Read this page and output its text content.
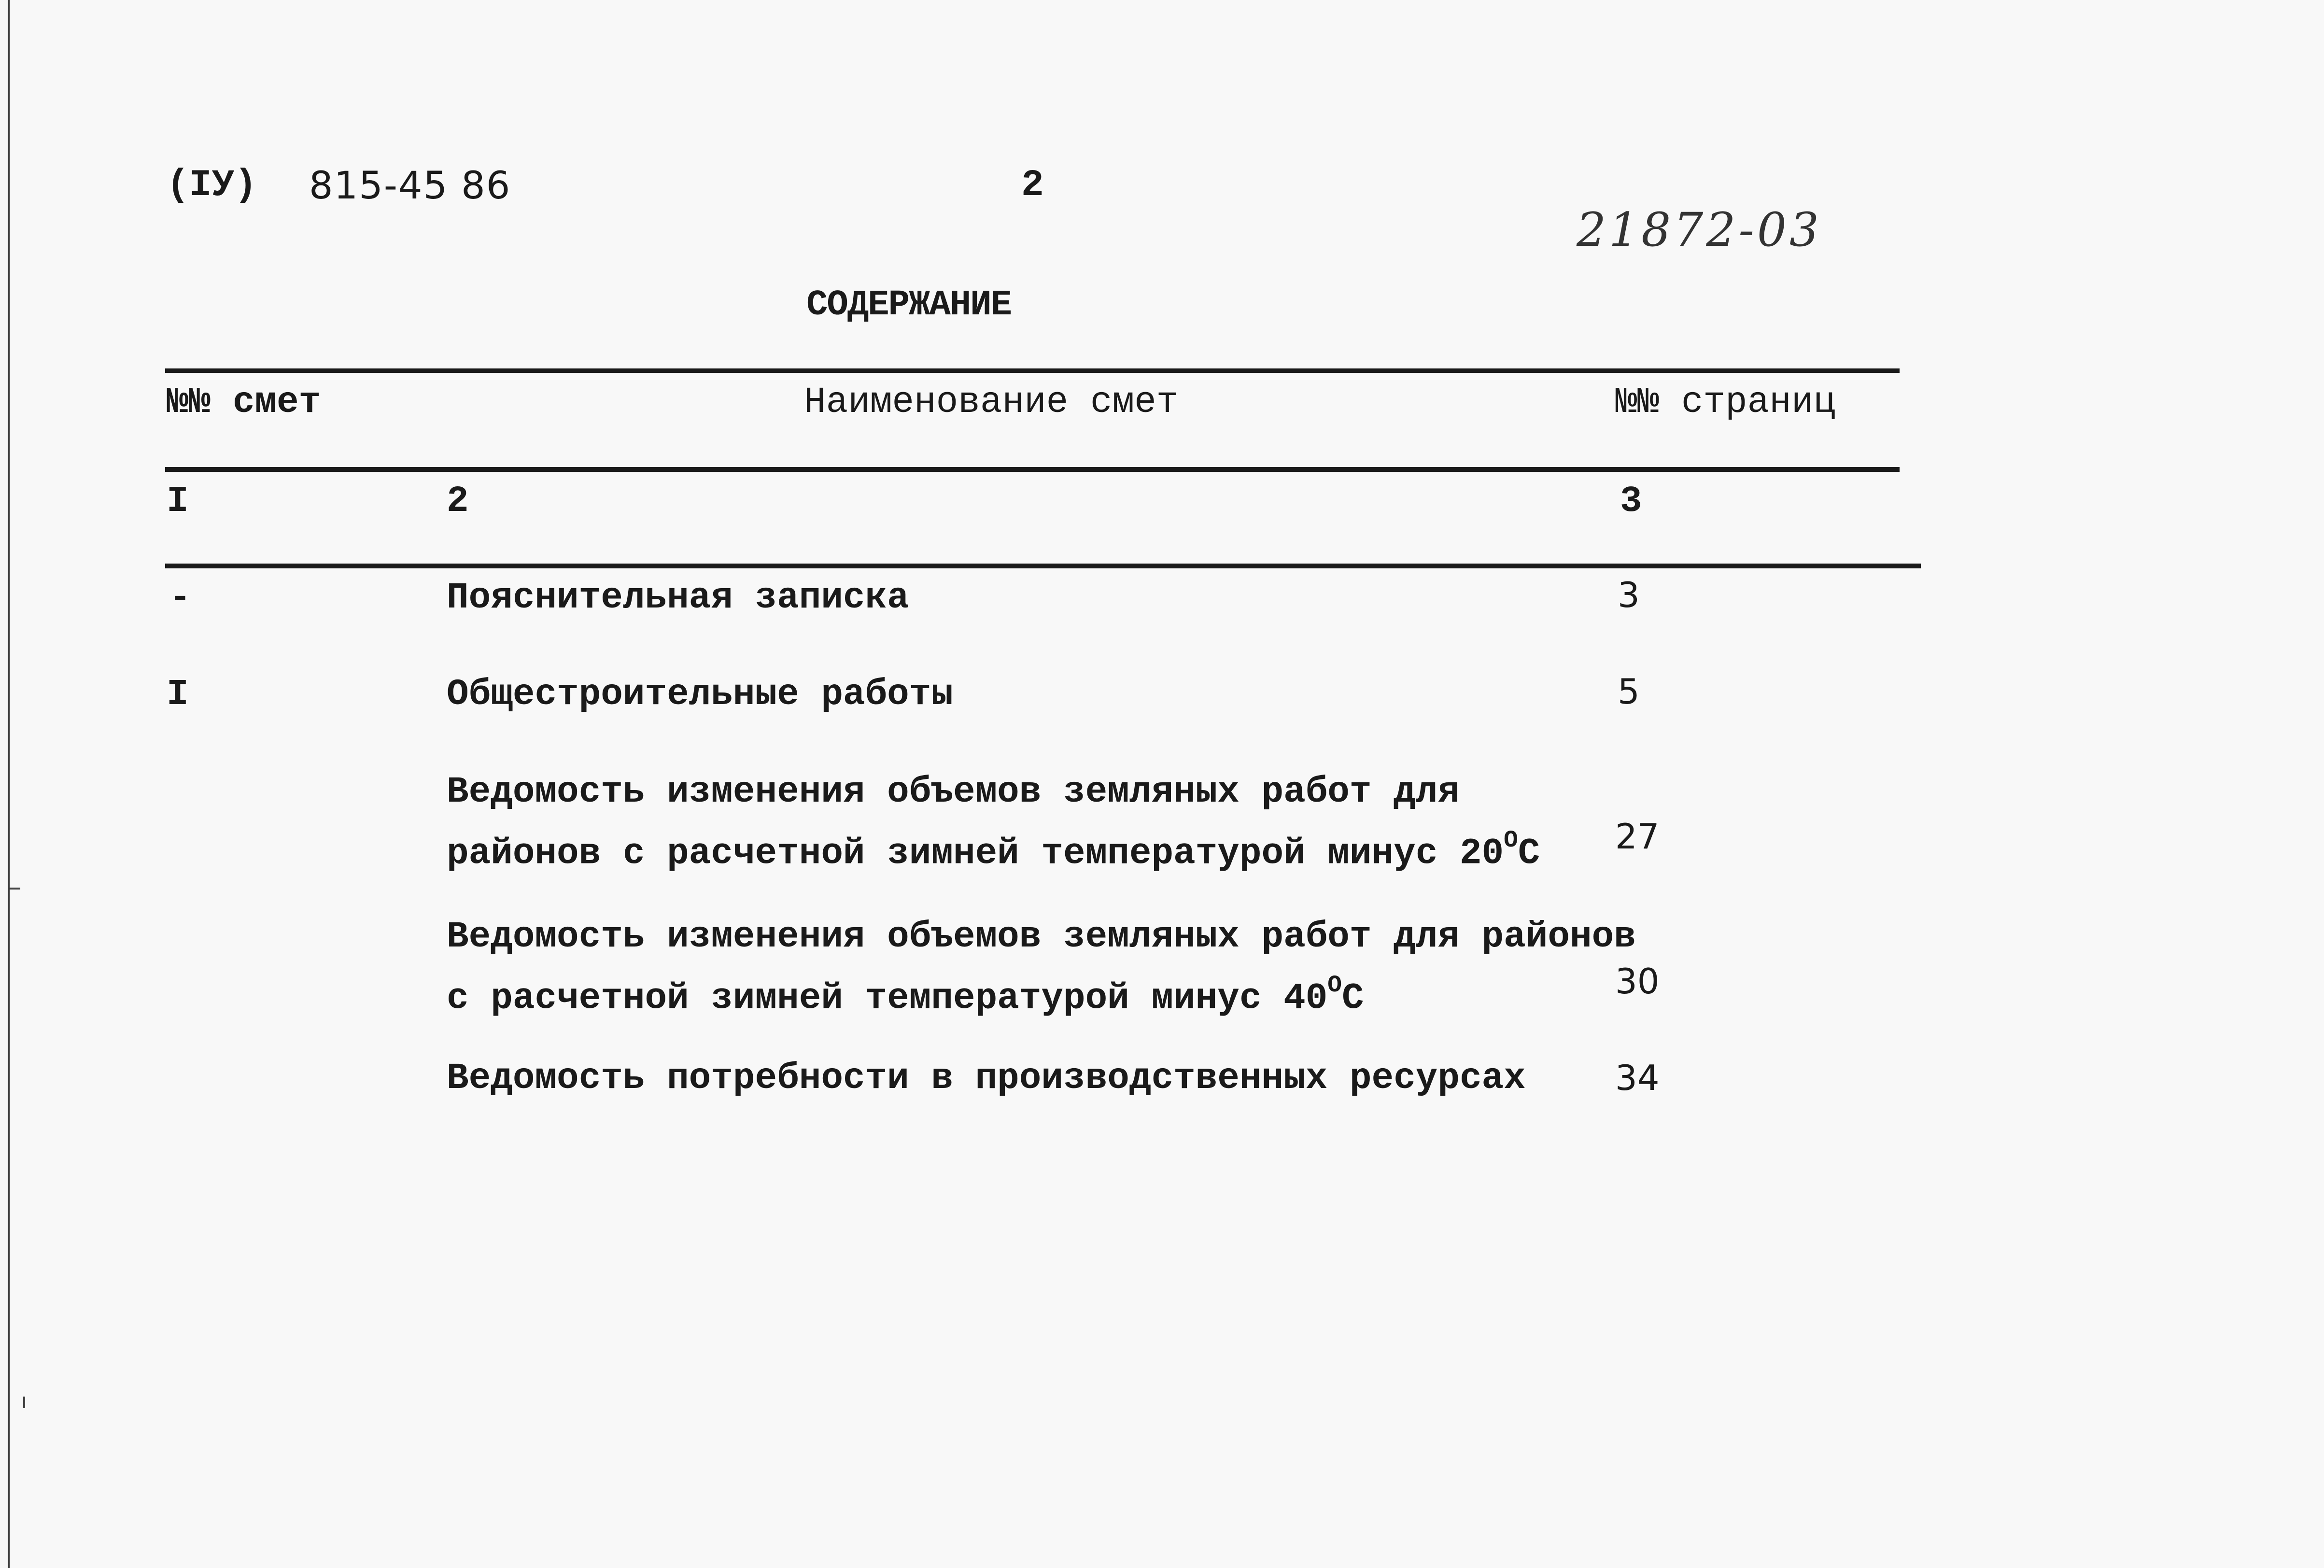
(IУ) 815-45 86	2
21872-03
СОДЕРЖАНИЕ
№№ смет	Наименование смет	№№ страниц
I	2	3
-	Пояснительная записка	3
I	Общестроительные работы	5
Ведомость изменения объемов земляных работ для
районов с расчетной зимней температурой минус $20^OС$ 27
Ведомость изменения объемов земляных работ для районов
с расчетной зимней температурой минус $40^OС$	30
Ведомость потребности в производственных ресурсах	34
